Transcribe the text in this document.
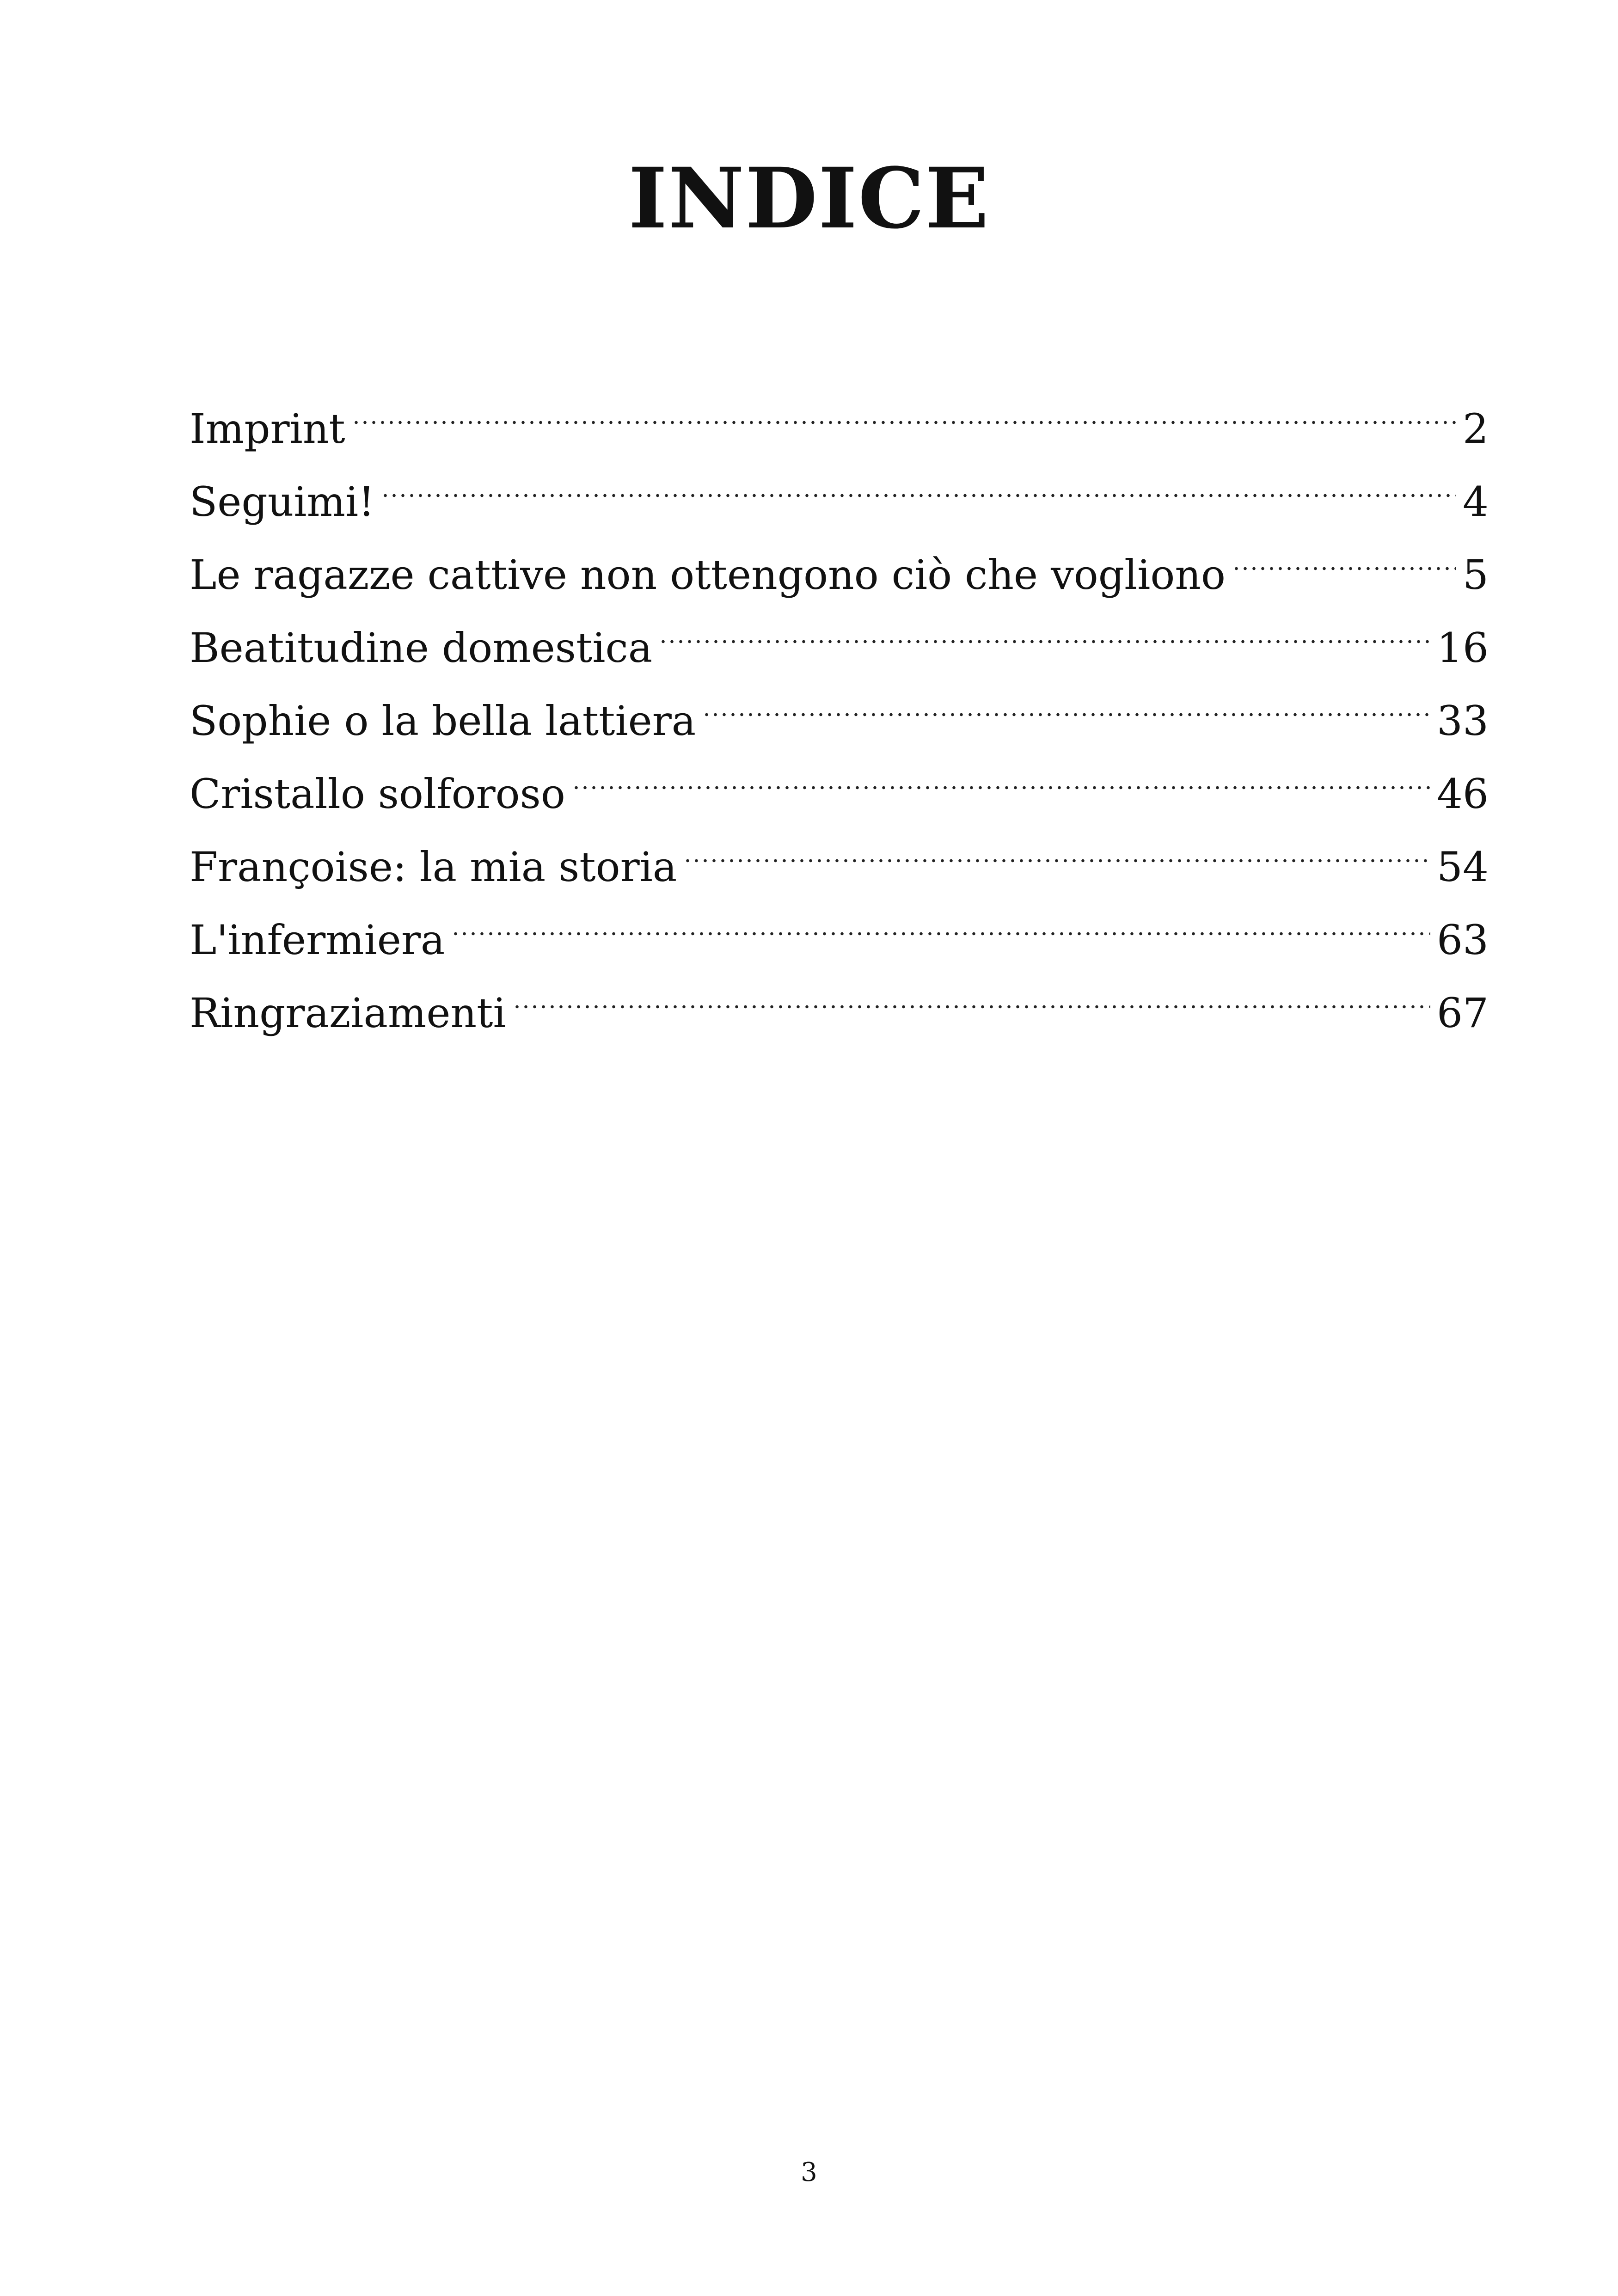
INDICE
Imprint	2
Seguimi!	4
Le ragazze cattive non ottengono ciò che vogliono	5
Beatitudine domestica	16
Sophie o la bella lattiera	33
Cristallo solforoso	46
Françoise: la mia storia	54
L'infermiera	63
Ringraziamenti	67
3
